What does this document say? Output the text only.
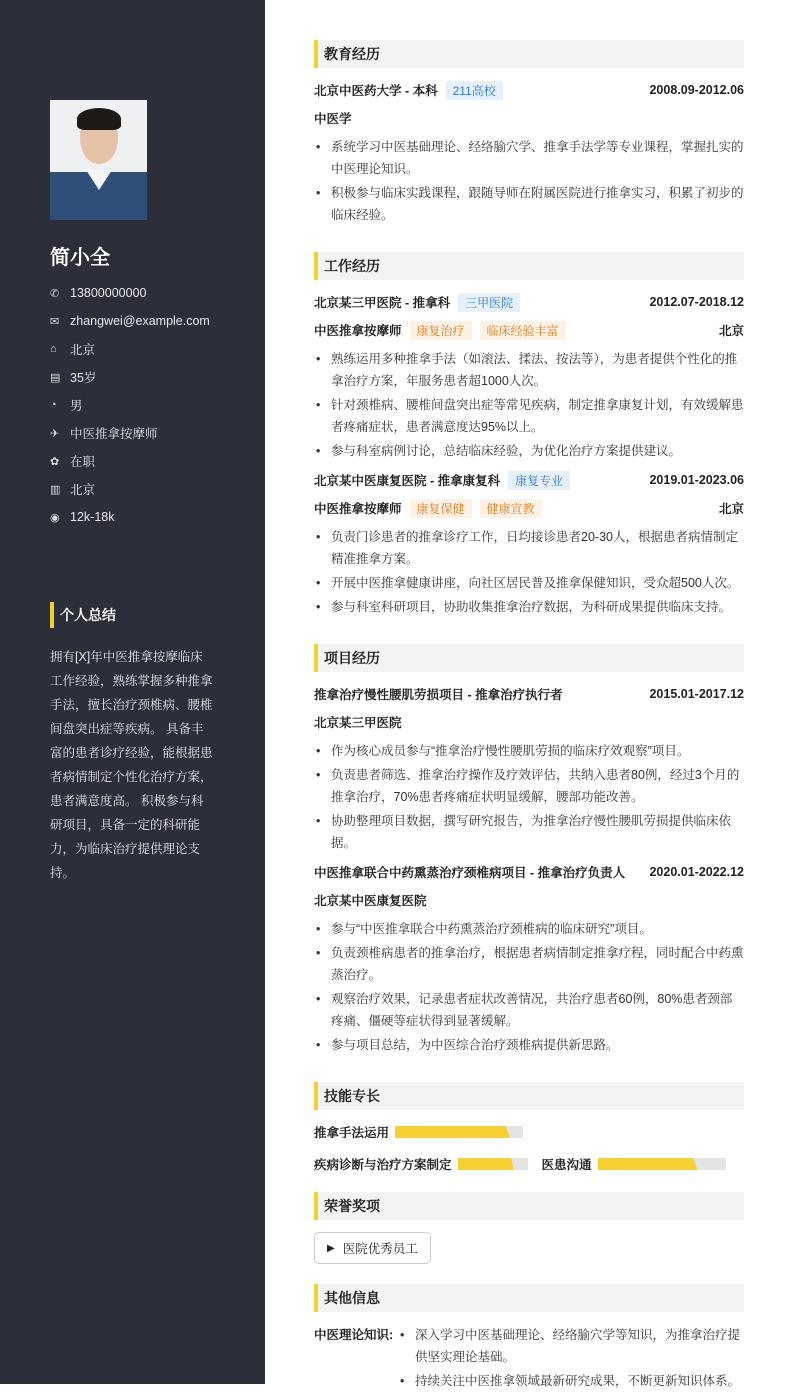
简小全
✆ 13800000000
✉ zhangwei@example.com
⌂	北京
▤ 35岁
◔	男
✈ 中医推拿按摩师
✿ 在职
▥ 北京
◉ 12k-18k
个人总结
拥有[X]年中医推拿按摩临床工作经验，熟练掌握多种推拿手法，擅长治疗颈椎病、腰椎间盘突出症等疾病。 具备丰富的患者诊疗经验，能根据患者病情制定个性化治疗方案，患者满意度高。 积极参与科研项目，具备一定的科研能力，为临床治疗提供理论支持。
教育经历
北京中医药大学 - 本科	211高校	2008.09-2012.06
中医学
• 系统学习中医基础理论、经络腧穴学、推拿手法学等专业课程，掌握扎实的中医理论知识。
• 积极参与临床实践课程，跟随导师在附属医院进行推拿实习，积累了初步的临床经验。
工作经历
北京某三甲医院 - 推拿科	三甲医院	2012.07-2018.12
中医推拿按摩师	康复治疗	临床经验丰富	北京
• 熟练运用多种推拿手法（如滚法、揉法、按法等），为患者提供个性化的推拿治疗方案，年服务患者超1000人次。
• 针对颈椎病、腰椎间盘突出症等常见疾病，制定推拿康复计划，有效缓解患者疼痛症状，患者满意度达95%以上。
• 参与科室病例讨论，总结临床经验，为优化治疗方案提供建议。
北京某中医康复医院 - 推拿康复科	康复专业	2019.01-2023.06
中医推拿按摩师	康复保健	健康宣教	北京
• 负责门诊患者的推拿诊疗工作，日均接诊患者20-30人，根据患者病情制定精准推拿方案。
• 开展中医推拿健康讲座，向社区居民普及推拿保健知识，受众超500人次。
• 参与科室科研项目，协助收集推拿治疗数据，为科研成果提供临床支持。
项目经历
推拿治疗慢性腰肌劳损项目 - 推拿治疗执行者	2015.01-2017.12
北京某三甲医院
• 作为核心成员参与“推拿治疗慢性腰肌劳损的临床疗效观察”项目。
• 负责患者筛选、推拿治疗操作及疗效评估，共纳入患者80例，经过3个月的推拿治疗，70%患者疼痛症状明显缓解，腰部功能改善。
• 协助整理项目数据，撰写研究报告，为推拿治疗慢性腰肌劳损提供临床依据。
中医推拿联合中药熏蒸治疗颈椎病项目 - 推拿治疗负责人 2020.01-2022.12
北京某中医康复医院
• 参与“中医推拿联合中药熏蒸治疗颈椎病的临床研究”项目。
• 负责颈椎病患者的推拿治疗，根据患者病情制定推拿疗程，同时配合中药熏蒸治疗。
• 观察治疗效果，记录患者症状改善情况，共治疗患者60例，80%患者颈部疼痛、僵硬等症状得到显著缓解。
• 参与项目总结，为中医综合治疗颈椎病提供新思路。
技能专长
推拿手法运用
疾病诊断与治疗方案制定	医患沟通
荣誉奖项
▶ 医院优秀员工
其他信息
中医理论知识:	• 深入学习中医基础理论、经络腧穴学等知识，为推拿治疗提供坚实理论基础。
• 持续关注中医推拿领域最新研究成果，不断更新知识体系。
